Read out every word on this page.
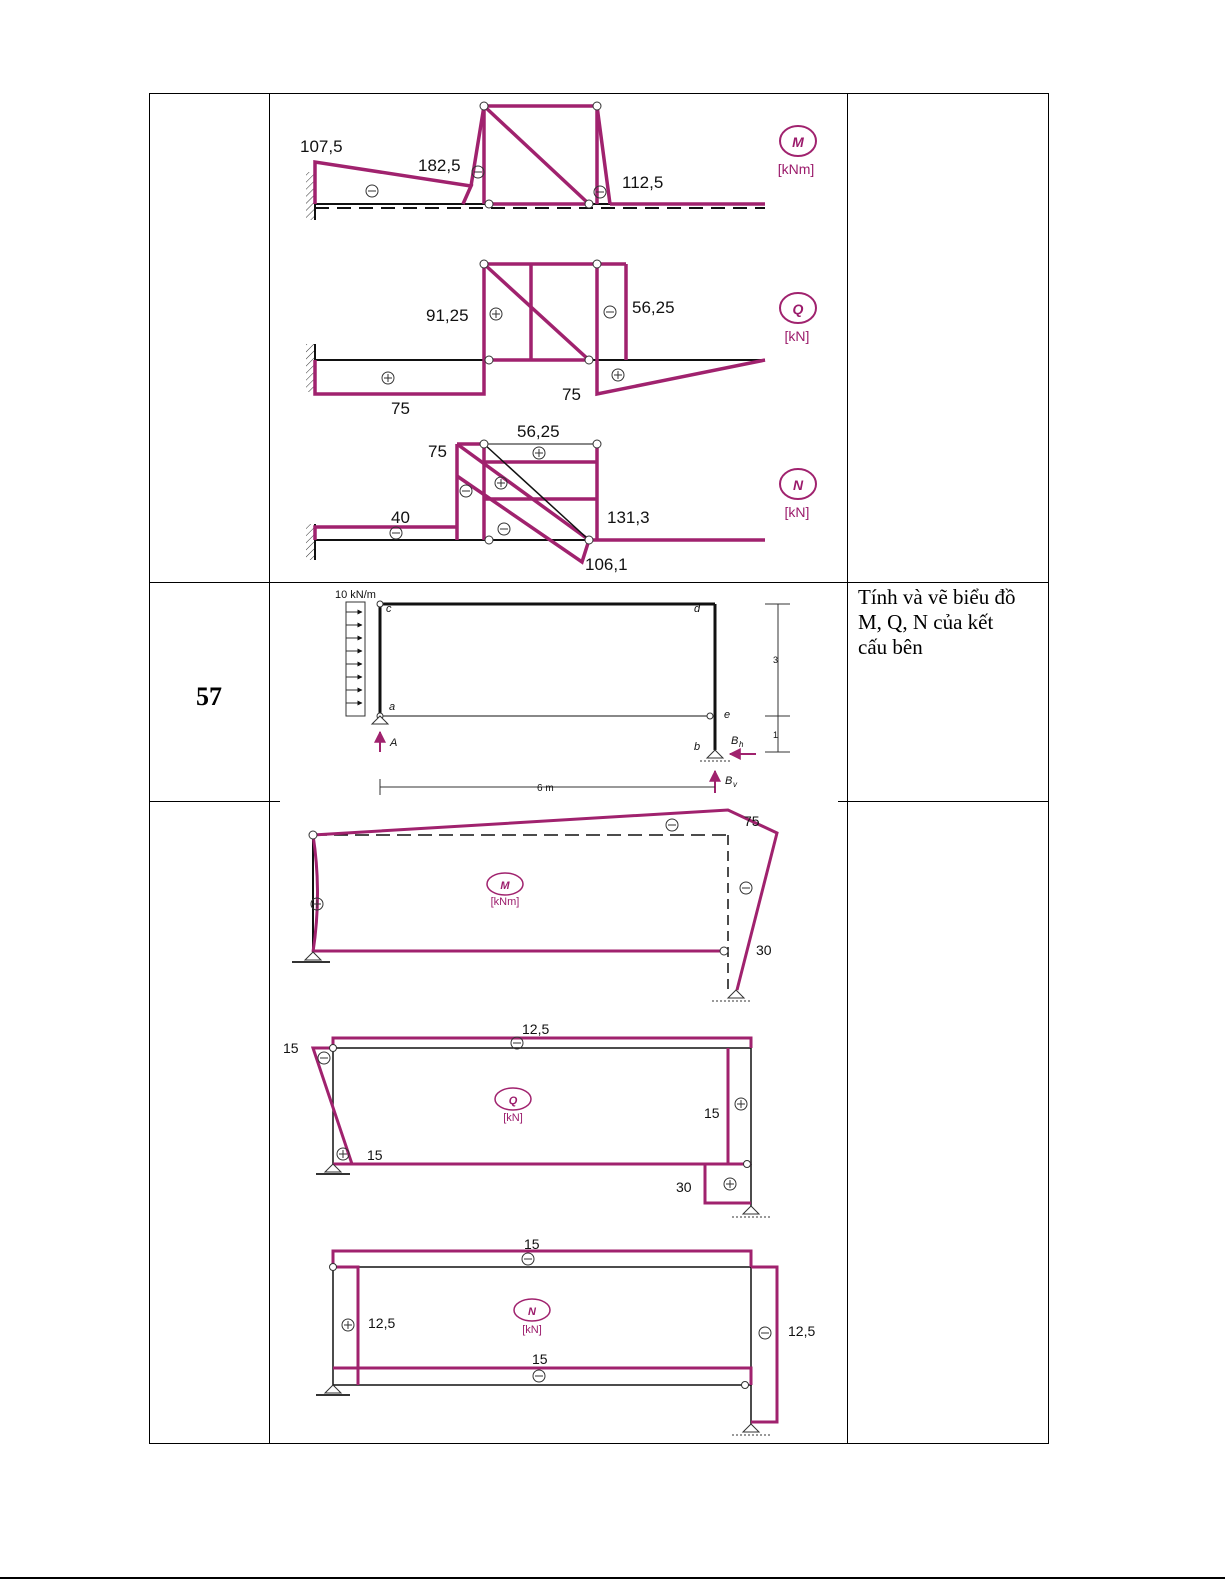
57
Tính và vẽ biểu đồ
M, Q, N của kết
cấu bên
107,5
182,5
112,5
M
[kNm]
91,25	56,25
75
75
Q
[kN]
56,25
75
40	131,3
106,1
N
[kN]
10 kN/m
c	d
a
e
b
A	B h
B v
3
1
6 m
75
30
M
[kNm]
12,5
15
15
15
30
Q
[kN]
15
12,5
15
12,5
N
[kN]
